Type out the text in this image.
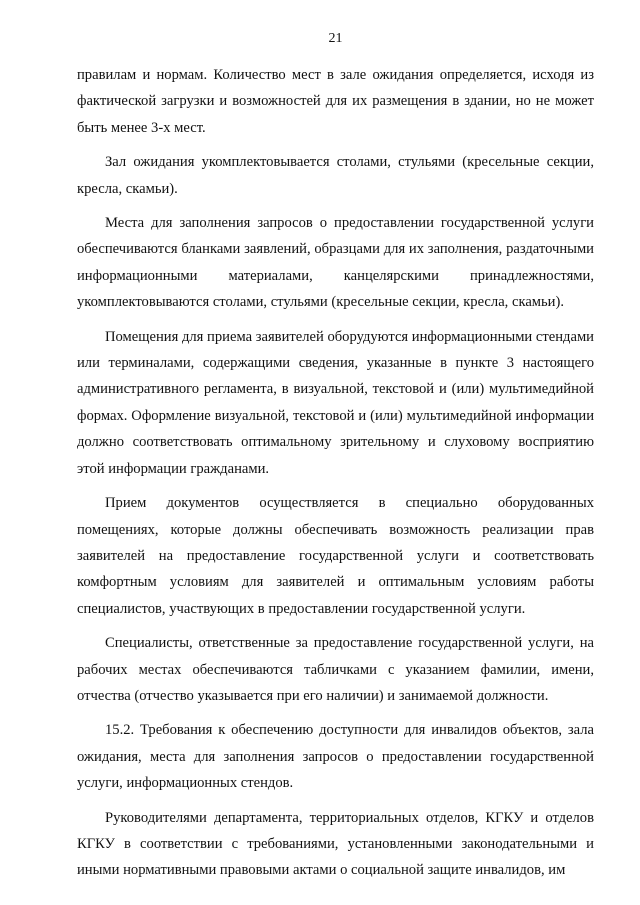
21

правилам и нормам. Количество мест в зале ожидания определяется, исходя из фактической загрузки и возможностей для их размещения в здании, но не может быть менее 3-х мест.

Зал ожидания укомплектовывается столами, стульями (кресельные секции, кресла, скамьи).

Места для заполнения запросов о предоставлении государственной услуги обеспечиваются бланками заявлений, образцами для их заполнения, раздаточными информационными материалами, канцелярскими принадлежностями, укомплектовываются столами, стульями (кресельные секции, кресла, скамьи).

Помещения для приема заявителей оборудуются информационными стендами или терминалами, содержащими сведения, указанные в пункте 3 настоящего административного регламента, в визуальной, текстовой и (или) мультимедийной формах. Оформление визуальной, текстовой и (или) мультимедийной информации должно соответствовать оптимальному зрительному и слуховому восприятию этой информации гражданами.

Прием документов осуществляется в специально оборудованных помещениях, которые должны обеспечивать возможность реализации прав заявителей на предоставление государственной услуги и соответствовать комфортным условиям для заявителей и оптимальным условиям работы специалистов, участвующих в предоставлении государственной услуги.

Специалисты, ответственные за предоставление государственной услуги, на рабочих местах обеспечиваются табличками с указанием фамилии, имени, отчества (отчество указывается при его наличии) и занимаемой должности.

15.2. Требования к обеспечению доступности для инвалидов объектов, зала ожидания, места для заполнения запросов о предоставлении государственной услуги, информационных стендов.

Руководителями департамента, территориальных отделов, КГКУ и отделов КГКУ в соответствии с требованиями, установленными законодательными и иными нормативными правовыми актами о социальной защите инвалидов, им
